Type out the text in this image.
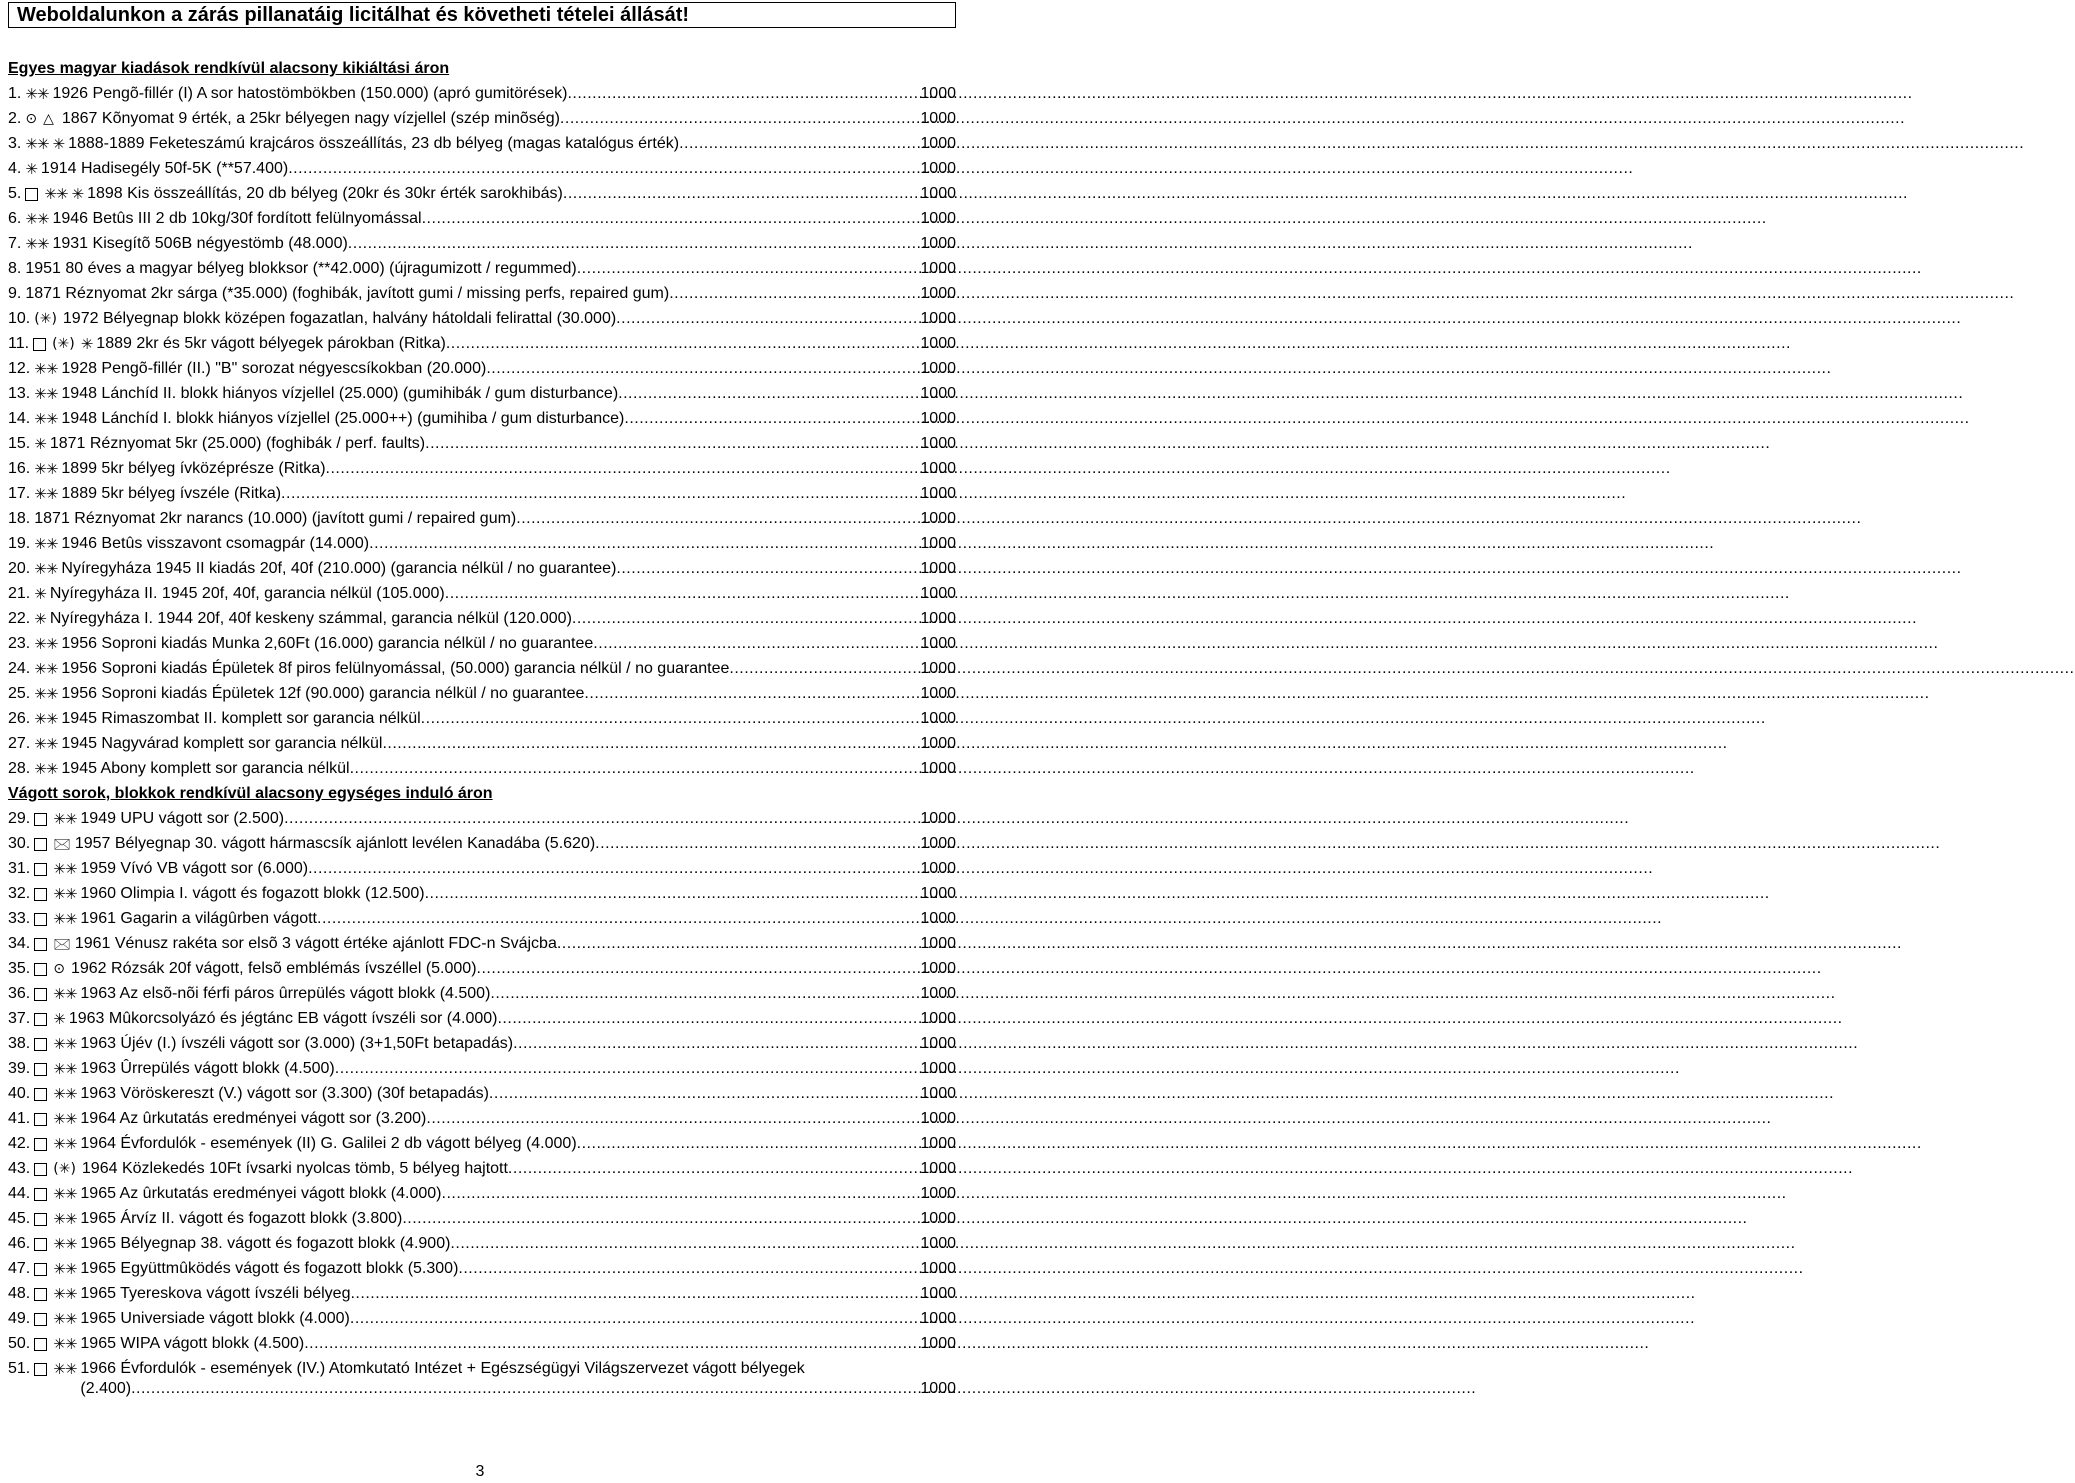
Weboldalunkon a zárás pillanatáig licitálhat és követheti tételei állását!
Egyes magyar kiadások rendkívül alacsony kikiáltási áron
1. ✳✳ 1926 Pengõ-fillér (I) A sor hatostömbökben (150.000) (apró gumitörések) .....	1000
2. ⊙ △ 1867 Kõnyomat 9 érték, a 25kr bélyegen nagy vízjellel (szép minõség) .....	1000
3. ✳✳ ✳ 1888-1889 Feketeszámú krajcáros összeállítás, 23 db bélyeg (magas katalógus érték) .....	1000
4. ✳ 1914 Hadisegély 50f-5K (**57.400) .....	1000
5. ✳✳ ✳ 1898 Kis összeállítás, 20 db bélyeg (20kr és 30kr érték sarokhibás) .....	1000
6. ✳✳ 1946 Betûs III 2 db 10kg/30f fordított felülnyomással .....	1000
7. ✳✳ 1931 Kisegítõ 506B négyestömb (48.000) .....	1000
8. 1951 80 éves a magyar bélyeg blokksor (**42.000) (újragumizott / regummed) .....	1000
9. 1871 Réznyomat 2kr sárga (*35.000) (foghibák, javított gumi / missing perfs, repaired gum) .....	1000
10. (✳) 1972 Bélyegnap blokk középen fogazatlan, halvány hátoldali felirattal (30.000) .....	1000
11. (✳) ✳ 1889 2kr és 5kr vágott bélyegek párokban (Ritka) .....	1000
12. ✳✳ 1928 Pengõ-fillér (II.) "B" sorozat négyescsíkokban (20.000) .....	1000
13. ✳✳ 1948 Lánchíd II. blokk hiányos vízjellel (25.000) (gumihibák / gum disturbance) .....	1000
14. ✳✳ 1948 Lánchíd I. blokk hiányos vízjellel (25.000++) (gumihiba / gum disturbance) .....	1000
15. ✳ 1871 Réznyomat 5kr (25.000) (foghibák / perf. faults) .....	1000
16. ✳✳ 1899 5kr bélyeg ívközéprésze (Ritka) .....	1000
17. ✳✳ 1889 5kr bélyeg ívszéle (Ritka) .....	1000
18. 1871 Réznyomat 2kr narancs (10.000) (javított gumi / repaired gum) .....	1000
19. ✳✳ 1946 Betûs visszavont csomagpár (14.000) .....	1000
20. ✳✳ Nyíregyháza 1945 II kiadás 20f, 40f (210.000) (garancia nélkül / no guarantee) .....	1000
21. ✳ Nyíregyháza II. 1945 20f, 40f, garancia nélkül (105.000) .....	1000
22. ✳ Nyíregyháza I. 1944 20f, 40f keskeny számmal, garancia nélkül (120.000) .....	1000
23. ✳✳ 1956 Soproni kiadás Munka 2,60Ft (16.000) garancia nélkül / no guarantee .....	1000
24. ✳✳ 1956 Soproni kiadás Épületek 8f piros felülnyomással, (50.000) garancia nélkül / no guarantee .....	1000
25. ✳✳ 1956 Soproni kiadás Épületek 12f (90.000) garancia nélkül / no guarantee .....	1000
26. ✳✳ 1945 Rimaszombat II. komplett sor garancia nélkül .....	1000
27. ✳✳ 1945 Nagyvárad komplett sor garancia nélkül .....	1000
28. ✳✳ 1945 Abony komplett sor garancia nélkül .....	1000
Vágott sorok, blokkok rendkívül alacsony egységes induló áron
29. ✳✳ 1949 UPU vágott sor (2.500) .....	1000
30. 🖂 1957 Bélyegnap 30. vágott hármascsík ajánlott levélen Kanadába (5.620) .....	1000
31. ✳✳ 1959 Vívó VB vágott sor (6.000) .....	1000
32. ✳✳ 1960 Olimpia I. vágott és fogazott blokk (12.500) .....	1000
33. ✳✳ 1961 Gagarin a világûrben vágott .....	1000
34. 🖂 1961 Vénusz rakéta sor elsõ 3 vágott értéke ajánlott FDC-n Svájcba .....	1000
35. ⊙ 1962 Rózsák 20f vágott, felsõ emblémás ívszéllel (5.000) .....	1000
36. ✳✳ 1963 Az elsõ-nõi férfi páros ûrrepülés vágott blokk (4.500) .....	1000
37. ✳ 1963 Mûkorcsolyázó és jégtánc EB vágott ívszéli sor (4.000) .....	1000
38. ✳✳ 1963 Újév (I.) ívszéli vágott sor (3.000) (3+1,50Ft betapadás) .....	1000
39. ✳✳ 1963 Ûrrepülés vágott blokk (4.500) .....	1000
40. ✳✳ 1963 Vöröskereszt (V.) vágott sor (3.300) (30f betapadás) .....	1000
41. ✳✳ 1964 Az ûrkutatás eredményei vágott sor (3.200) .....	1000
42. ✳✳ 1964 Évfordulók - események (II) G. Galilei 2 db vágott bélyeg (4.000) .....	1000
43. (✳) 1964 Közlekedés 10Ft ívsarki nyolcas tömb, 5 bélyeg hajtott .....	1000
44. ✳✳ 1965 Az ûrkutatás eredményei vágott blokk (4.000) .....	1000
45. ✳✳ 1965 Árvíz II. vágott és fogazott blokk (3.800) .....	1000
46. ✳✳ 1965 Bélyegnap 38. vágott és fogazott blokk (4.900) .....	1000
47. ✳✳ 1965 Együttmûködés vágott és fogazott blokk (5.300) .....	1000
48. ✳✳ 1965 Tyereskova vágott ívszéli bélyeg .....	1000
49. ✳✳ 1965 Universiade vágott blokk (4.000) .....	1000
50. ✳✳ 1965 WIPA vágott blokk (4.500) .....	1000
51. ✳✳ 1966 Évfordulók - események (IV.) Atomkutató Intézet + Egészségügyi Világszervezet vágott bélyegek
(2.400) .....	1000
3
